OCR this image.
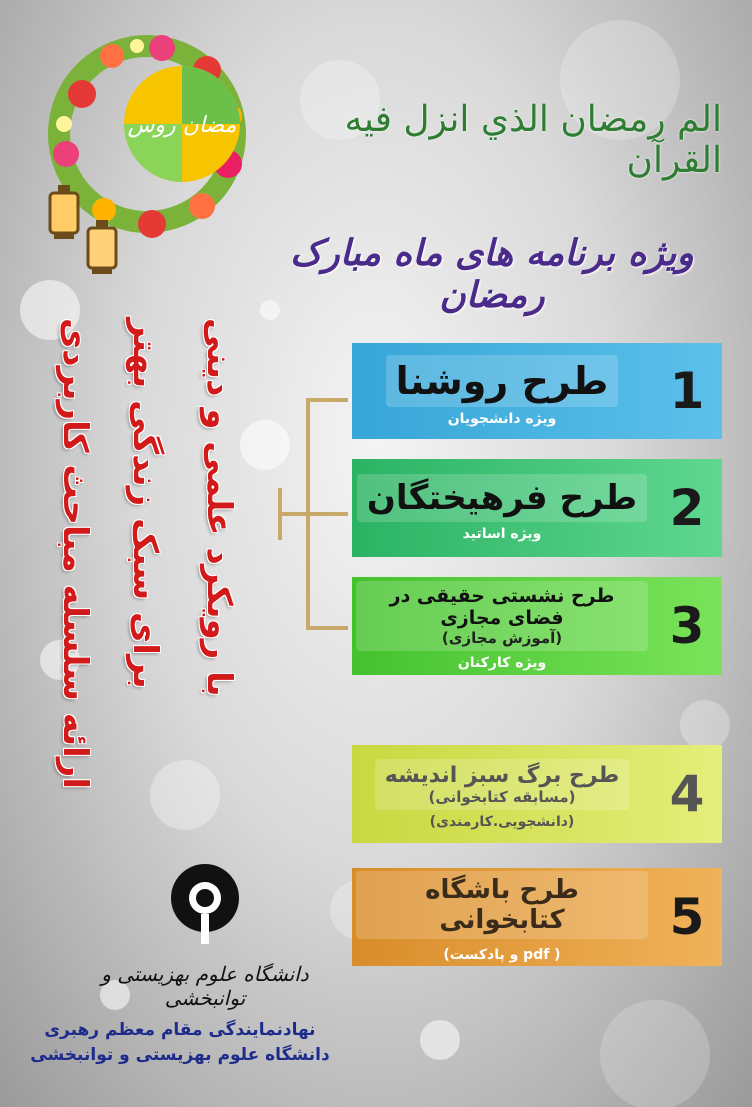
مضان روس	الم رمضان الذي انزل فيه القرآن
ویژه برنامه های ماه مبارک رمضان
ارائه سلسله مباحث کاربردی برای سبک زندگی بهتر با رویکرد علمی و دینی	1
طرح روشنا
ویژه دانشجویان
2
طرح فرهیختگان
ویژه اساتید
3
طرح نشستی حقیقی در فضای مجازی
(آموزش مجازی)
ویژه کارکنان
4
طرح برگ سبز اندیشه
(مسابقه کتابخوانی)
(دانشجویی.کارمندی)
5
طرح باشگاه کتابخوانی
( pdf و پادکست)
دانشگاه علوم بهزیستی و توانبخشی
نهادنمایندگی مقام معظم رهبری
دانشگاه علوم بهزیستی و توانبخشی
